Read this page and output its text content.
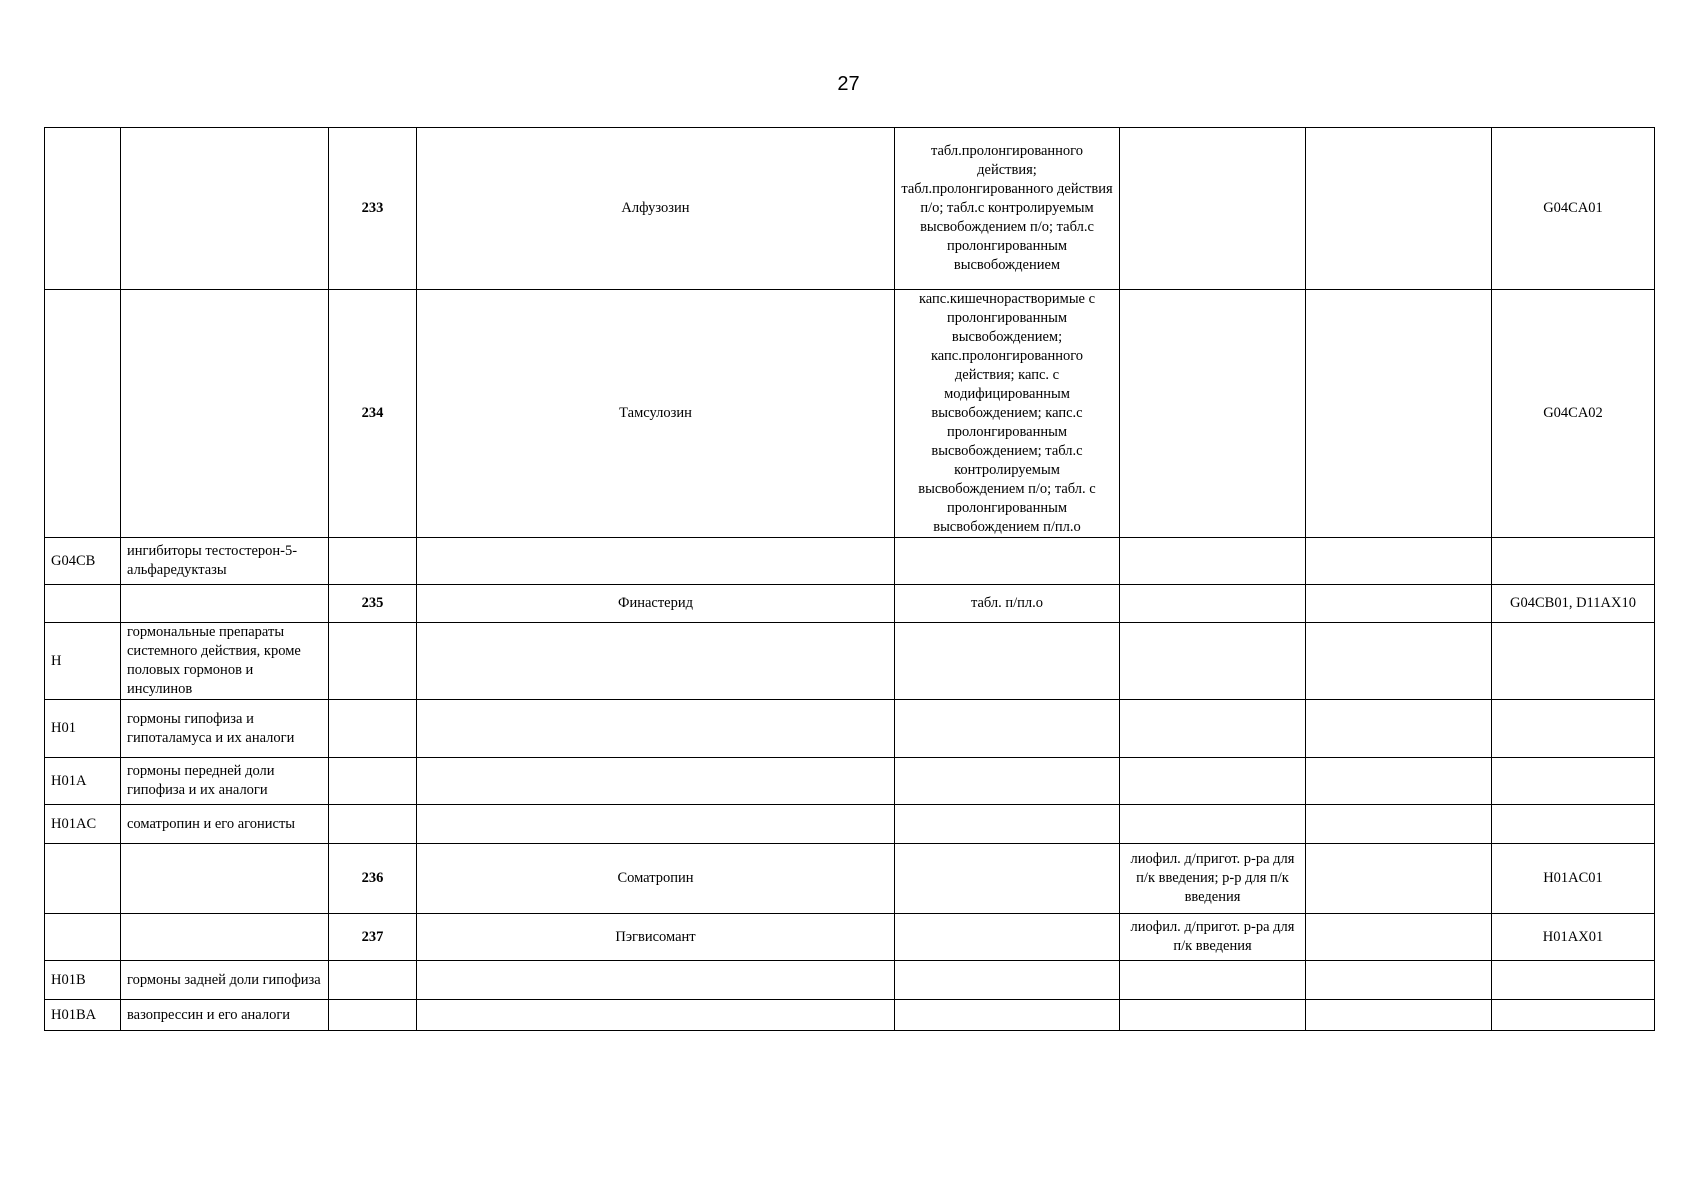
27
		233	Алфузозин	табл.пролонгированного действия; табл.пролонгированного действия п/о; табл.с контролируемым высвобождением п/о; табл.с пролонгированным высвобождением			G04CA01
		234	Тамсулозин	капс.кишечнорастворимые с пролонгированным высвобождением; капс.пролонгированного действия; капс. с модифицированным высвобождением; капс.с пролонгированным высвобождением; табл.с контролируемым высвобождением п/о; табл. с пролонгированным высвобождением п/пл.о			G04CA02
G04CB	ингибиторы тестостерон-5-альфаредуктазы						
		235	Финастерид	табл. п/пл.о			G04CB01, D11AX10
H	гормональные препараты системного действия, кроме половых гормонов и инсулинов						
H01	гормоны гипофиза и гипоталамуса и их аналоги						
H01A	гормоны передней доли гипофиза и их аналоги						
H01AC	соматропин и его агонисты						
		236	Соматропин		лиофил. д/пригот. р-ра для п/к введения; р-р для п/к введения		H01AC01
		237	Пэгвисомант		лиофил. д/пригот. р-ра для п/к введения		H01AX01
H01B	гормоны задней доли гипофиза						
H01BA	вазопрессин и его аналоги						
